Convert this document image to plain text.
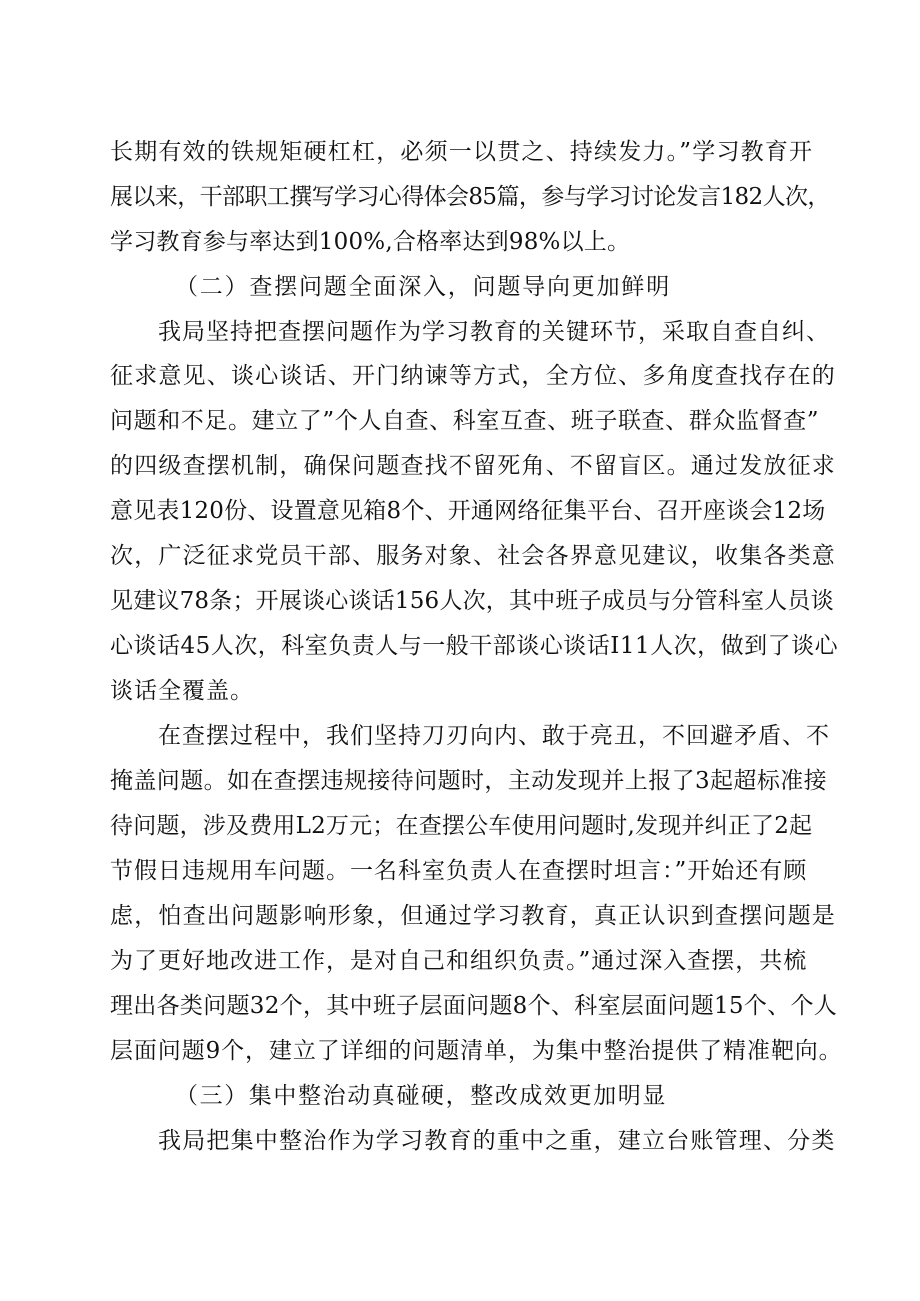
长期有效的铁规矩硬杠杠，必须一以贯之、持续发力。”学习教育开
展以来，干部职工撰写学习心得体会85篇，参与学习讨论发言182人次，
学习教育参与率达到100%,合格率达到98%以上。
（二）查摆问题全面深入，问题导向更加鲜明
我局坚持把查摆问题作为学习教育的关键环节，采取自查自纠、
征求意见、谈心谈话、开门纳谏等方式，全方位、多角度查找存在的
问题和不足。建立了”个人自查、科室互查、班子联查、群众监督查”
的四级查摆机制，确保问题查找不留死角、不留盲区。通过发放征求
意见表120份、设置意见箱8个、开通网络征集平台、召开座谈会12场
次，广泛征求党员干部、服务对象、社会各界意见建议，收集各类意
见建议78条；开展谈心谈话156人次，其中班子成员与分管科室人员谈
心谈话45人次，科室负责人与一般干部谈心谈话I11人次，做到了谈心
谈话全覆盖。
在查摆过程中，我们坚持刀刃向内、敢于亮丑，不回避矛盾、不
掩盖问题。如在查摆违规接待问题时，主动发现并上报了3起超标准接
待问题，涉及费用L2万元；在查摆公车使用问题时,发现并纠正了2起
节假日违规用车问题。一名科室负责人在查摆时坦言：”开始还有顾
虑，怕查出问题影响形象，但通过学习教育，真正认识到查摆问题是
为了更好地改进工作，是对自己和组织负责。”通过深入查摆，共梳
理出各类问题32个，其中班子层面问题8个、科室层面问题15个、个人
层面问题9个，建立了详细的问题清单，为集中整治提供了精准靶向。
（三）集中整治动真碰硬，整改成效更加明显
我局把集中整治作为学习教育的重中之重，建立台账管理、分类
